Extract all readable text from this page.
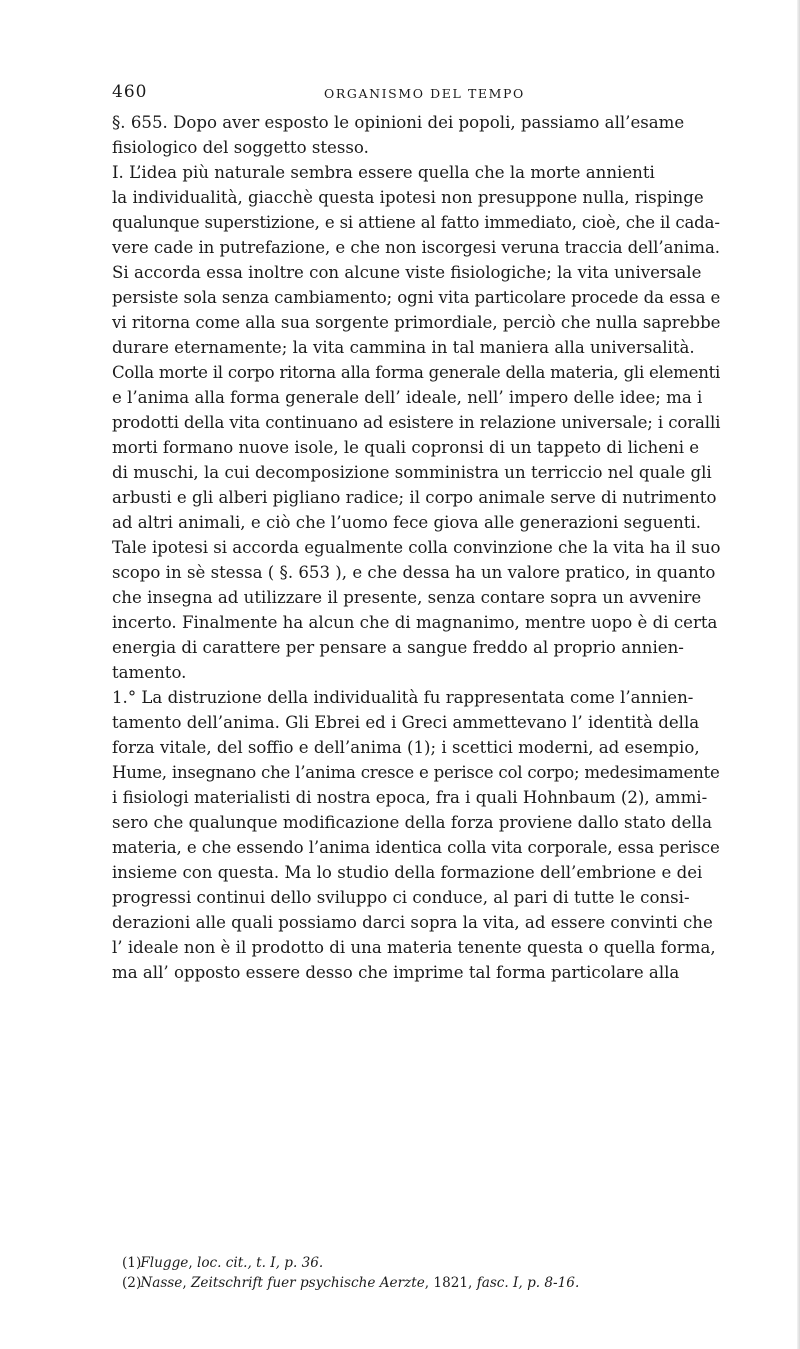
460	ORGANISMO DEL TEMPO
§. 655. Dopo aver esposto le opinioni dei popoli, passiamo all’esame
fisiologico del soggetto stesso.
I. L’idea più naturale sembra essere quella che la morte annienti
la individualità, giacchè questa ipotesi non presuppone nulla, rispinge
qualunque superstizione, e si attiene al fatto immediato, cioè, che il cada-
vere cade in putrefazione, e che non iscorgesi veruna traccia dell’anima.
Si accorda essa inoltre con alcune viste fisiologiche; la vita universale
persiste sola senza cambiamento; ogni vita particolare procede da essa e
vi ritorna come alla sua sorgente primordiale, perciò che nulla saprebbe
durare eternamente; la vita cammina in tal maniera alla universalità.
Colla morte il corpo ritorna alla forma generale della materia, gli elementi
e l’anima alla forma generale dell’ ideale, nell’ impero delle idee; ma i
prodotti della vita continuano ad esistere in relazione universale; i coralli
morti formano nuove isole, le quali copronsi di un tappeto di licheni e
di muschi, la cui decomposizione somministra un terriccio nel quale gli
arbusti e gli alberi pigliano radice; il corpo animale serve di nutrimento
ad altri animali, e ciò che l’uomo fece giova alle generazioni seguenti.
Tale ipotesi si accorda egualmente colla convinzione che la vita ha il suo
scopo in sè stessa ( §. 653 ), e che dessa ha un valore pratico, in quanto
che insegna ad utilizzare il presente, senza contare sopra un avvenire
incerto. Finalmente ha alcun che di magnanimo, mentre uopo è di certa
energia di carattere per pensare a sangue freddo al proprio annien-
tamento.
1.° La distruzione della individualità fu rappresentata come l’annien-
tamento dell’anima. Gli Ebrei ed i Greci ammettevano l’ identità della
forza vitale, del soffio e dell’anima (1); i scettici moderni, ad esempio,
Hume, insegnano che l’anima cresce e perisce col corpo; medesimamente
i fisiologi materialisti di nostra epoca, fra i quali Hohnbaum (2), ammi-
sero che qualunque modificazione della forza proviene dallo stato della
materia, e che essendo l’anima identica colla vita corporale, essa perisce
insieme con questa. Ma lo studio della formazione dell’embrione e dei
progressi continui dello sviluppo ci conduce, al pari di tutte le consi-
derazioni alle quali possiamo darci sopra la vita, ad essere convinti che
l’ ideale non è il prodotto di una materia tenente questa o quella forma,
ma all’ opposto essere desso che imprime tal forma particolare alla
(1) Flugge, loc. cit., t. I, p. 36.
(2) Nasse, Zeitschrift fuer psychische Aerzte, 1821, fasc. I, p. 8-16.
